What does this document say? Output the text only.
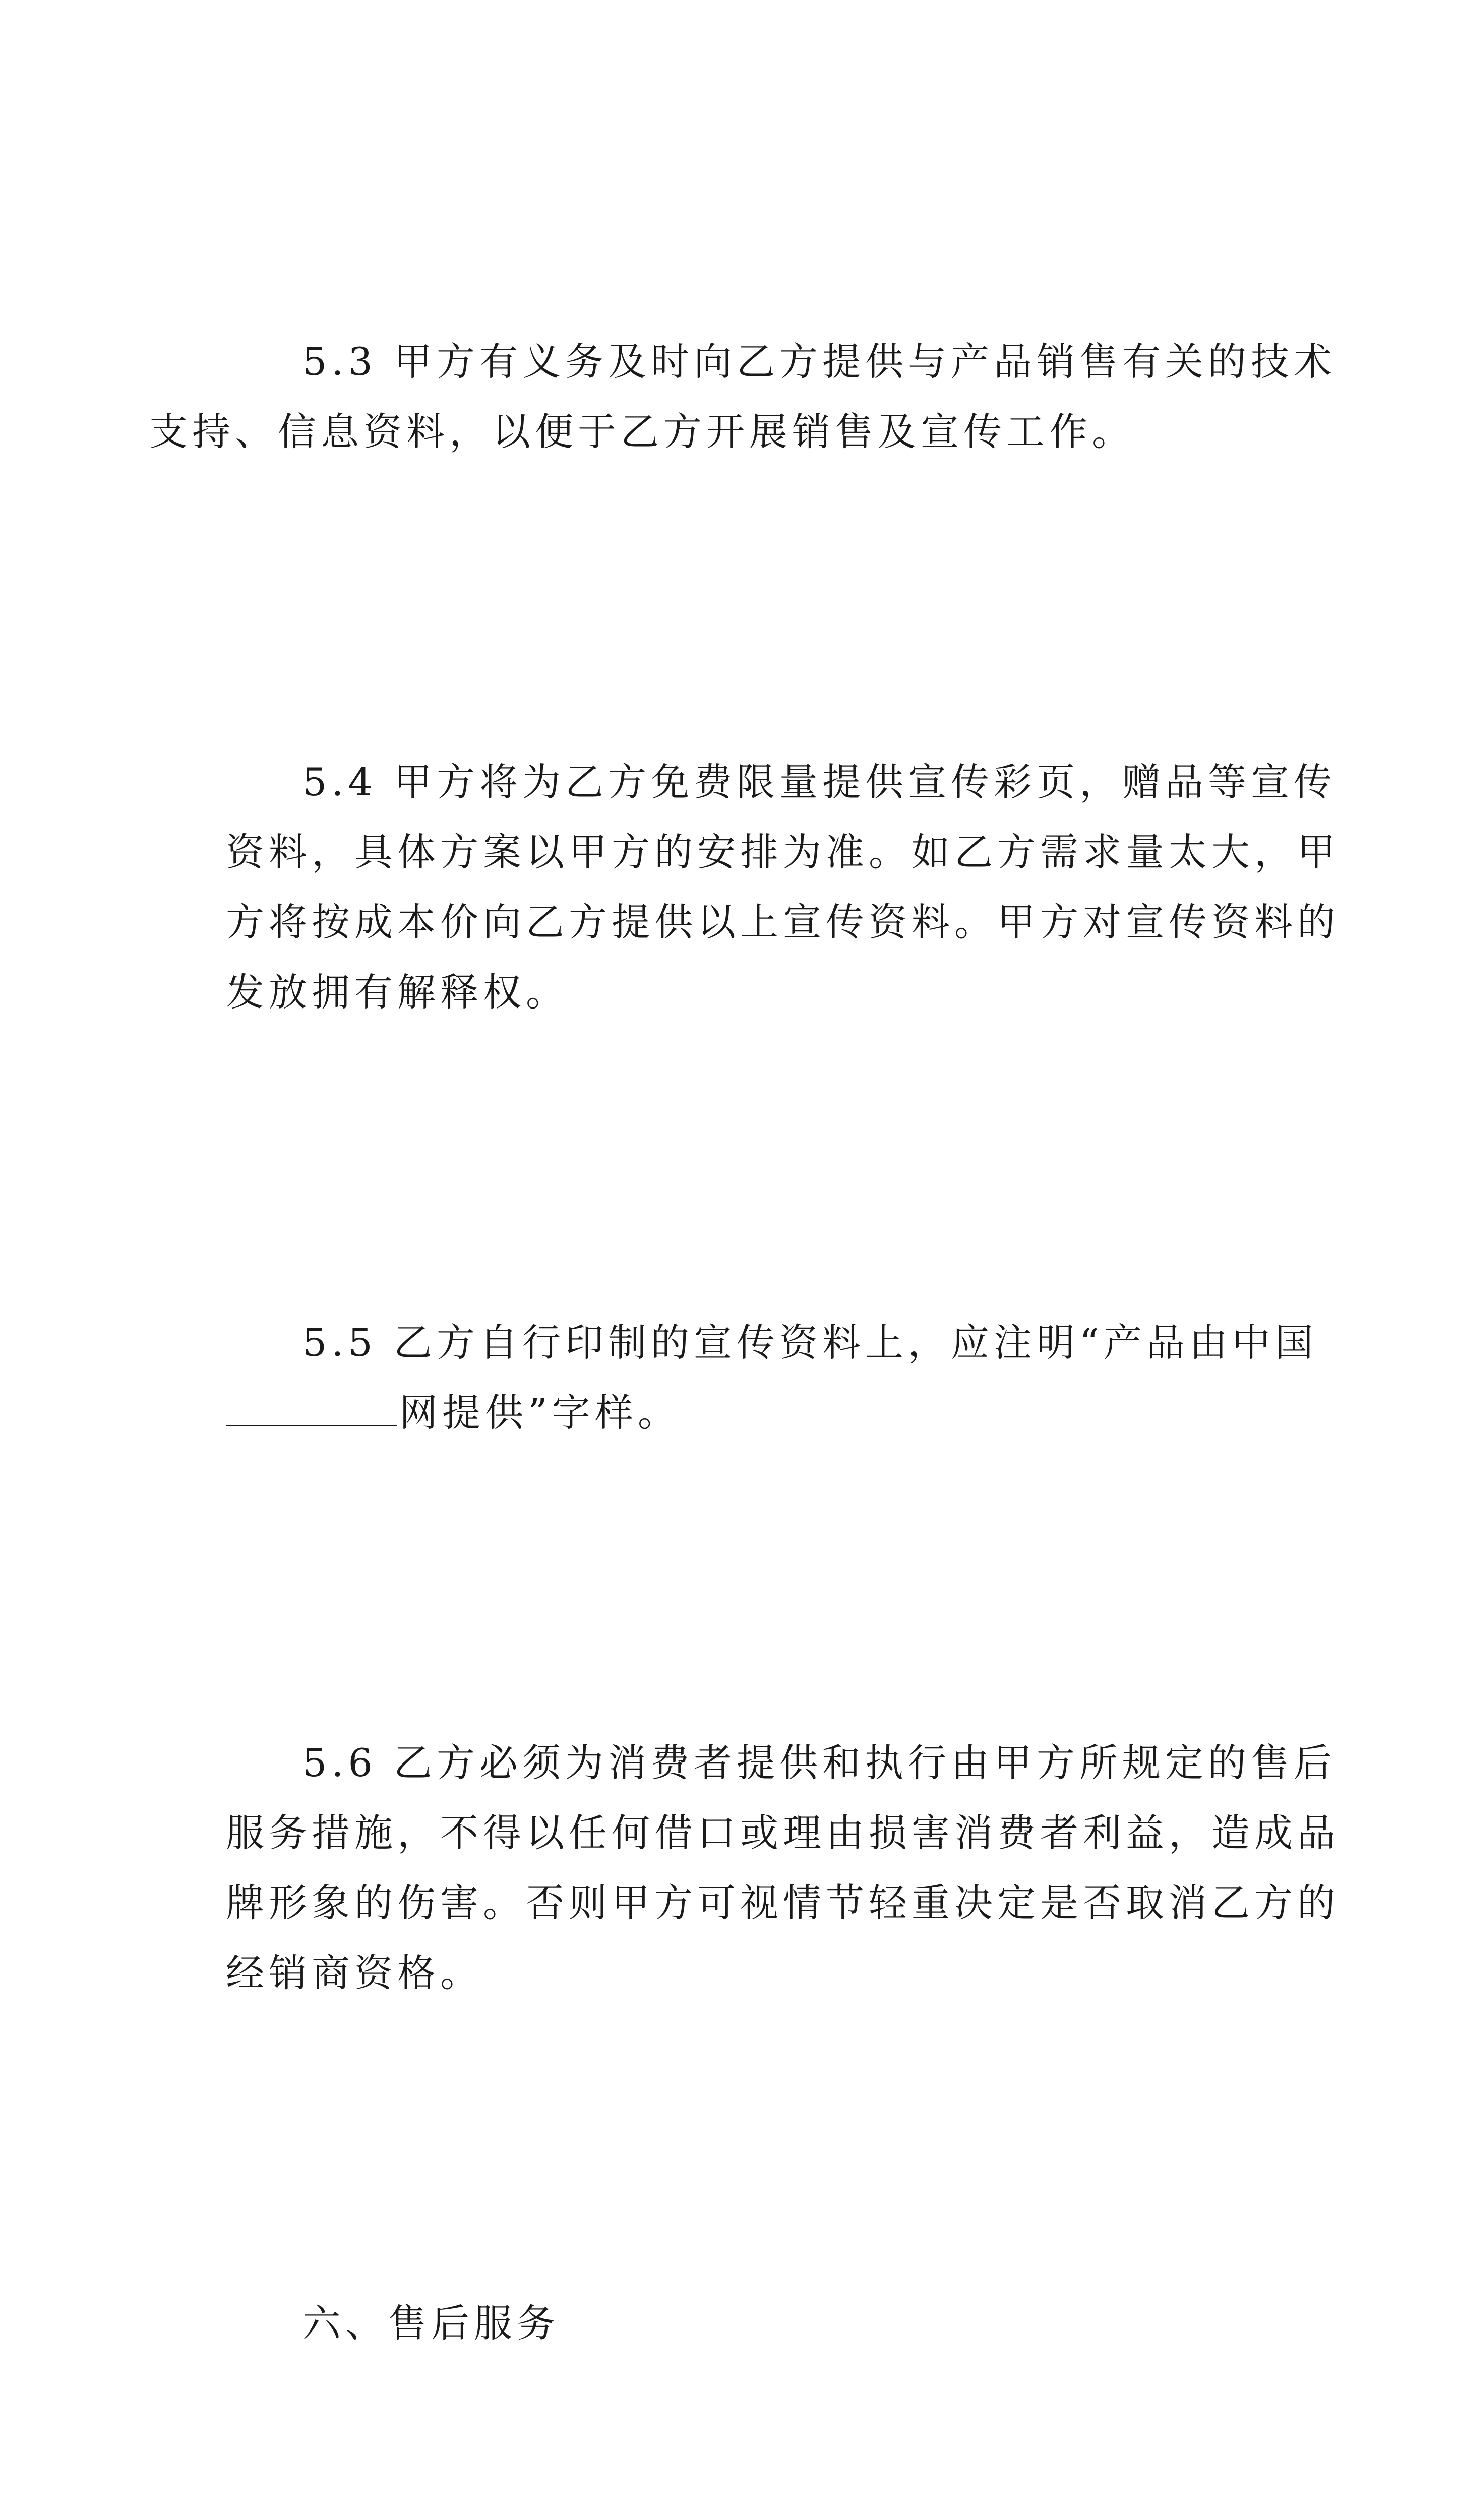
5.3 甲方有义务及时向乙方提供与产品销售有关的技术
支持、信息资料，以便于乙方开展销售及宣传工作。

5.4 甲方将为乙方免费限量提供宣传彩页，赠品等宣传
资料，具体方案以甲方的安排为准。如乙方需求量太大，甲
方将按成本价向乙方提供以上宣传资料。甲方对宣传资料的
发放拥有解释权。

5.5 乙方自行印制的宣传资料上，应注明“产品由中国
网提供”字样。

5.6 乙方必须为消费者提供和执行由甲方所规定的售后
服务措施，不得以任何借口或理由损害消费者利益，造成品
牌形象的伤害。否则甲方可视情节轻重决定是否取消乙方的
经销商资格。

六、售后服务
